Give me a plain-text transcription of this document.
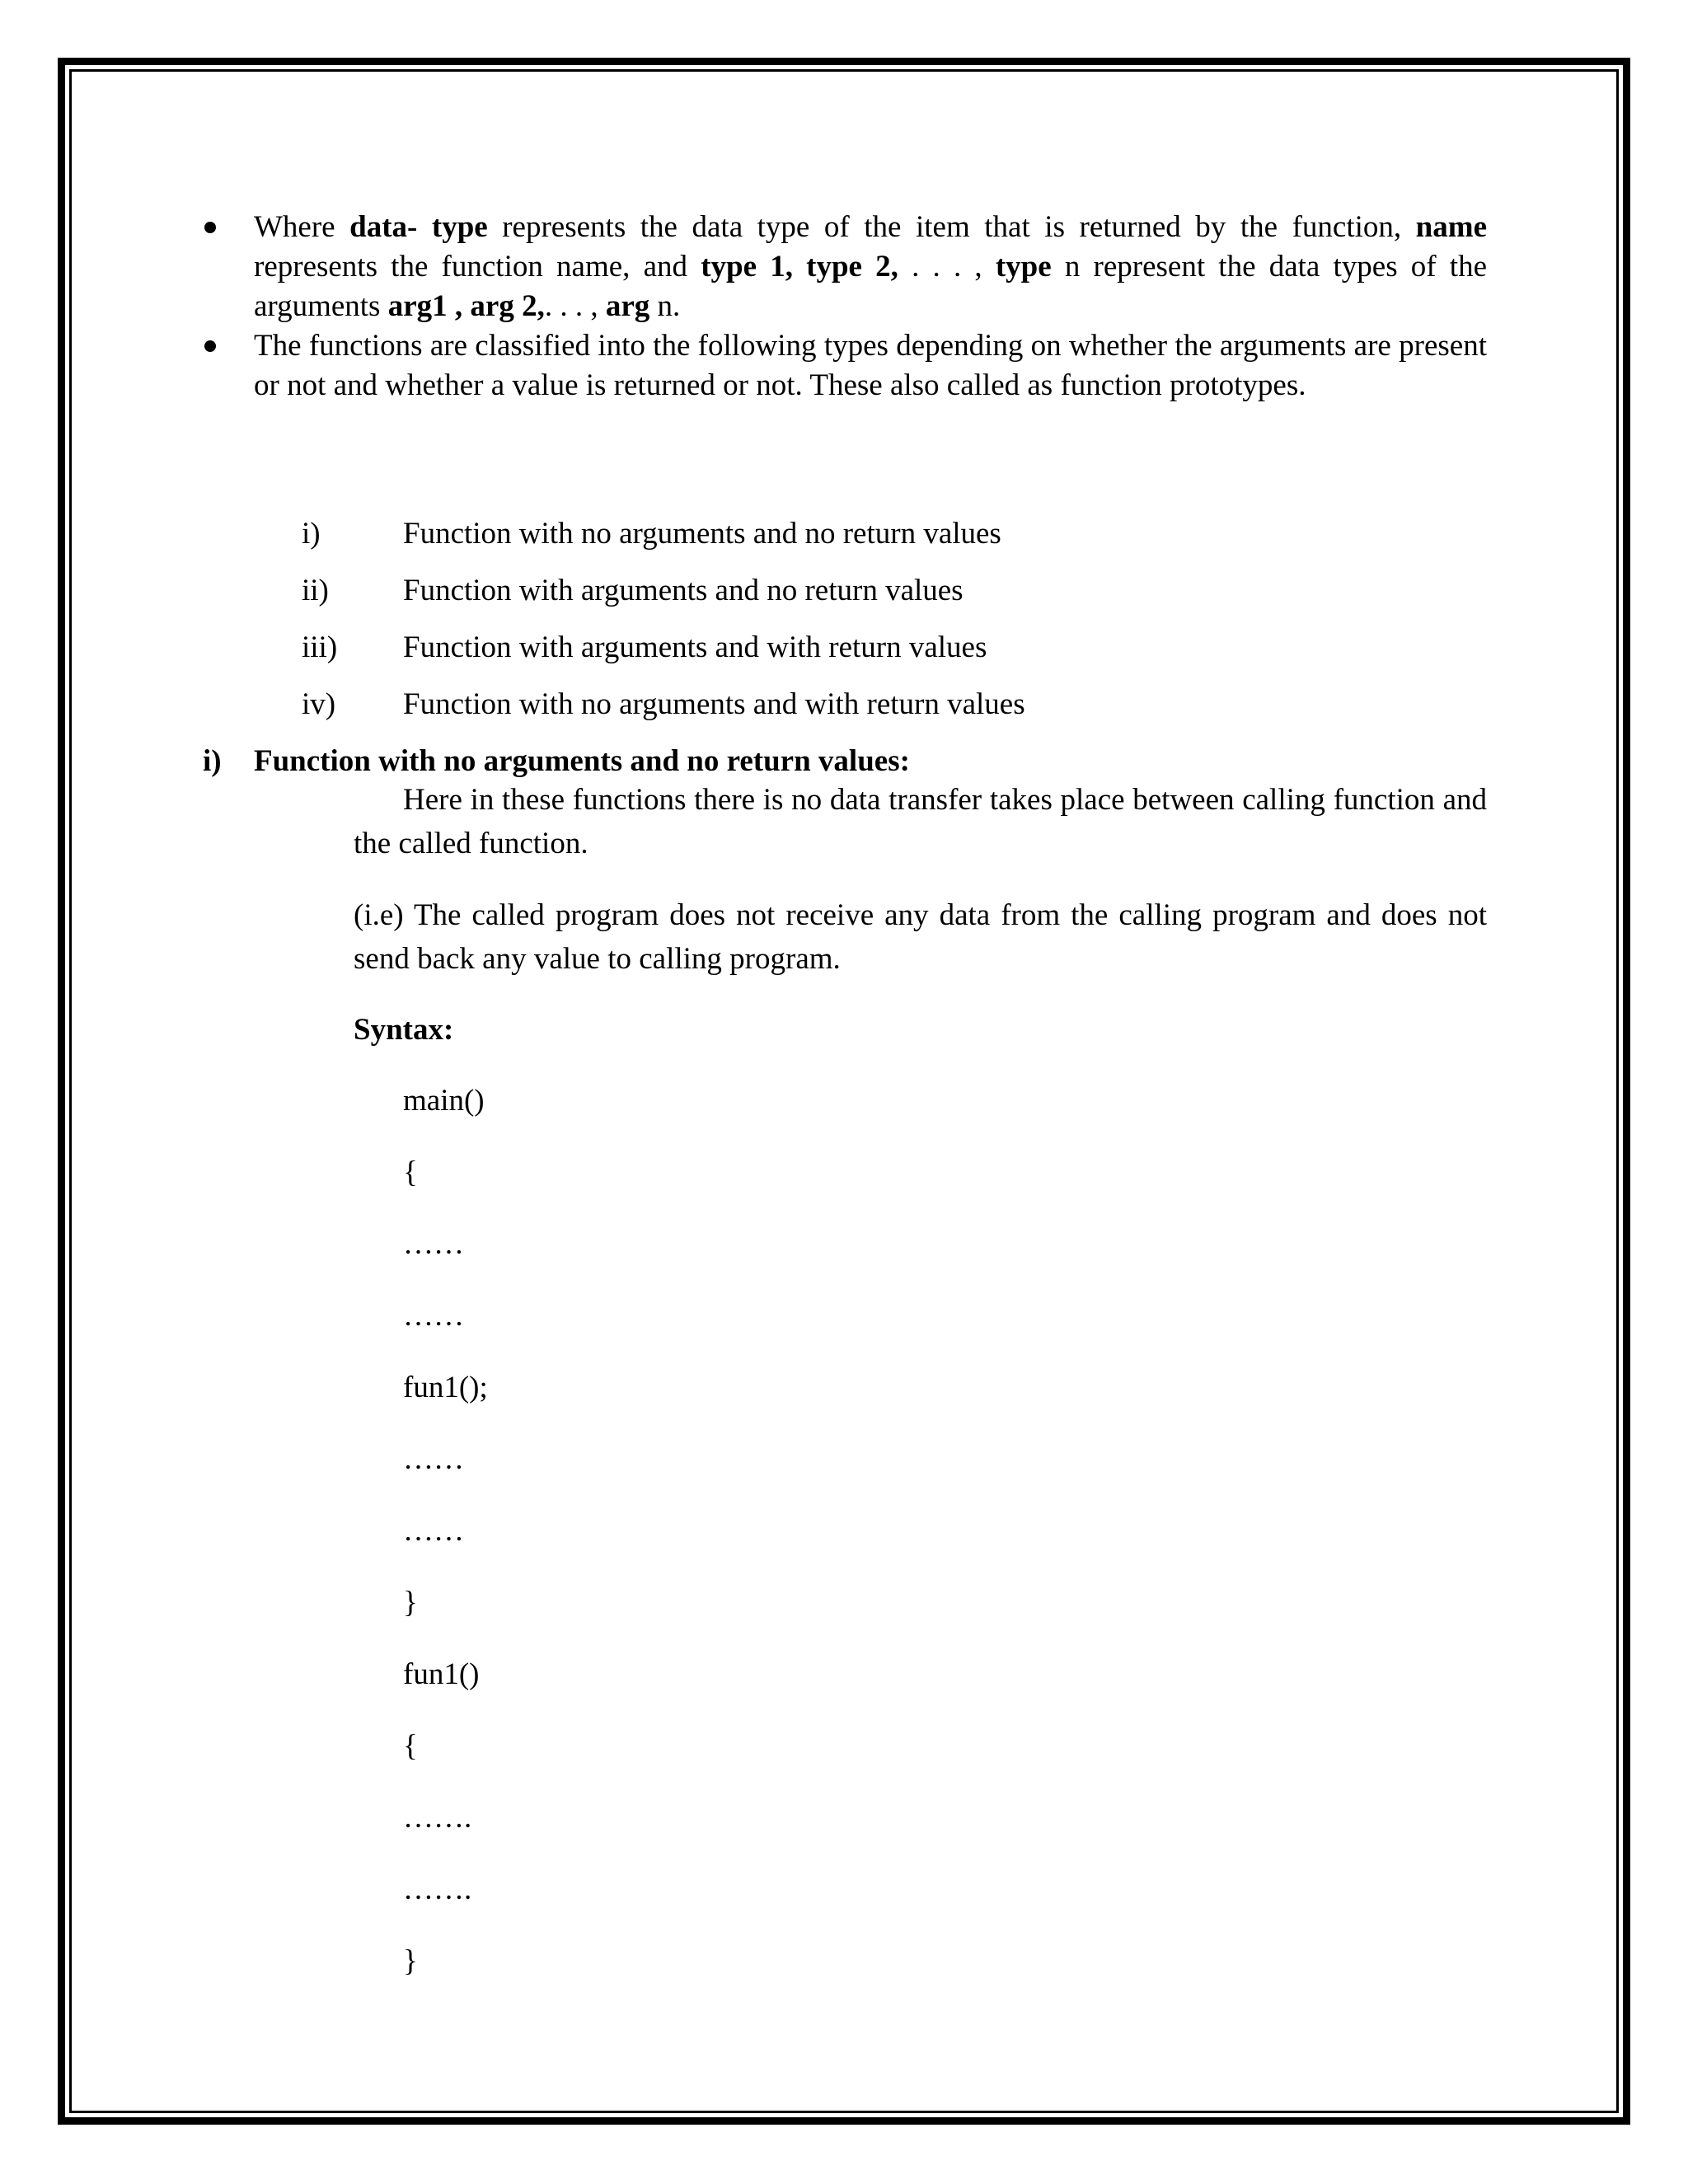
Where data- type represents the data type of the item that is returned by the function, name represents the function name, and type 1, type 2, . . . , type n represent the data types of the arguments arg1 , arg 2,. . . , arg n.
The functions are classified into the following types depending on whether the arguments are present or not and whether a value is returned or not. These also called as function prototypes.
i)	Function with no arguments and no return values
ii) Function with arguments and no return values
iii) Function with arguments and with return values
iv) Function with no arguments and with return values
i) Function with no arguments and no return values:
Here in these functions there is no data transfer takes place between calling function and the called function.
(i.e) The called program does not receive any data from the calling program and does not send back any value to calling program.
Syntax:
main()
{
……
……
fun1();
……
……
}
fun1()
{
…….
…….
}
